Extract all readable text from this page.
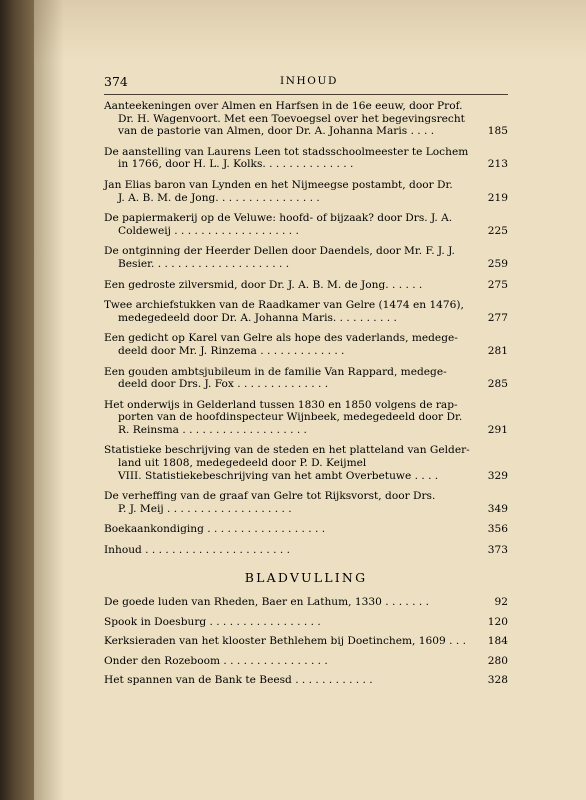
374	INHOUD
Aanteekeningen over Almen en Harfsen in de 16e eeuw, door Prof.
Dr. H. Wagenvoort. Met een Toevoegsel over het begevingsrecht
van de pastorie van Almen, door Dr. A. Johanna Maris . . . .	185
De aanstelling van Laurens Leen tot stadsschoolmeester te Lochem
in 1766, door H. L. J. Kolks. . . . . . . . . . . . . .	213
Jan Elias baron van Lynden en het Nijmeegse postambt, door Dr.
J. A. B. M. de Jong. . . . . . . . . . . . . . . .	219
De papiermakerij op de Veluwe: hoofd- of bijzaak? door Drs. J. A.
Coldeweij . . . . . . . . . . . . . . . . . . .	225
De ontginning der Heerder Dellen door Daendels, door Mr. F. J. J.
Besier. . . . . . . . . . . . . . . . . . . . .	259
Een gedroste zilversmid, door Dr. J. A. B. M. de Jong. . . . . .	275
Twee archiefstukken van de Raadkamer van Gelre (1474 en 1476),
medegedeeld door Dr. A. Johanna Maris. . . . . . . . . .	277
Een gedicht op Karel van Gelre als hope des vaderlands, medege-
deeld door Mr. J. Rinzema . . . . . . . . . . . . .	281
Een gouden ambtsjubileum in de familie Van Rappard, medege-
deeld door Drs. J. Fox . . . . . . . . . . . . . .	285
Het onderwijs in Gelderland tussen 1830 en 1850 volgens de rap-
porten van de hoofdinspecteur Wijnbeek, medegedeeld door Dr.
R. Reinsma . . . . . . . . . . . . . . . . . . .	291
Statistieke beschrijving van de steden en het platteland van Gelder-
land uit 1808, medegedeeld door P. D. Keijmel
VIII. Statistiekebeschrijving van het ambt Overbetuwe . . . .	329
De verheffing van de graaf van Gelre tot Rijksvorst, door Drs.
P. J. Meij . . . . . . . . . . . . . . . . . . .	349
Boekaankondiging . . . . . . . . . . . . . . . . . .	356
Inhoud . . . . . . . . . . . . . . . . . . . . . .	373
BLADVULLING
De goede luden van Rheden, Baer en Lathum, 1330 . . . . . . .	92
Spook in Doesburg . . . . . . . . . . . . . . . . .	120
Kerksieraden van het klooster Bethlehem bij Doetinchem, 1609 . . .	184
Onder den Rozeboom . . . . . . . . . . . . . . . .	280
Het spannen van de Bank te Beesd . . . . . . . . . . . .	328
